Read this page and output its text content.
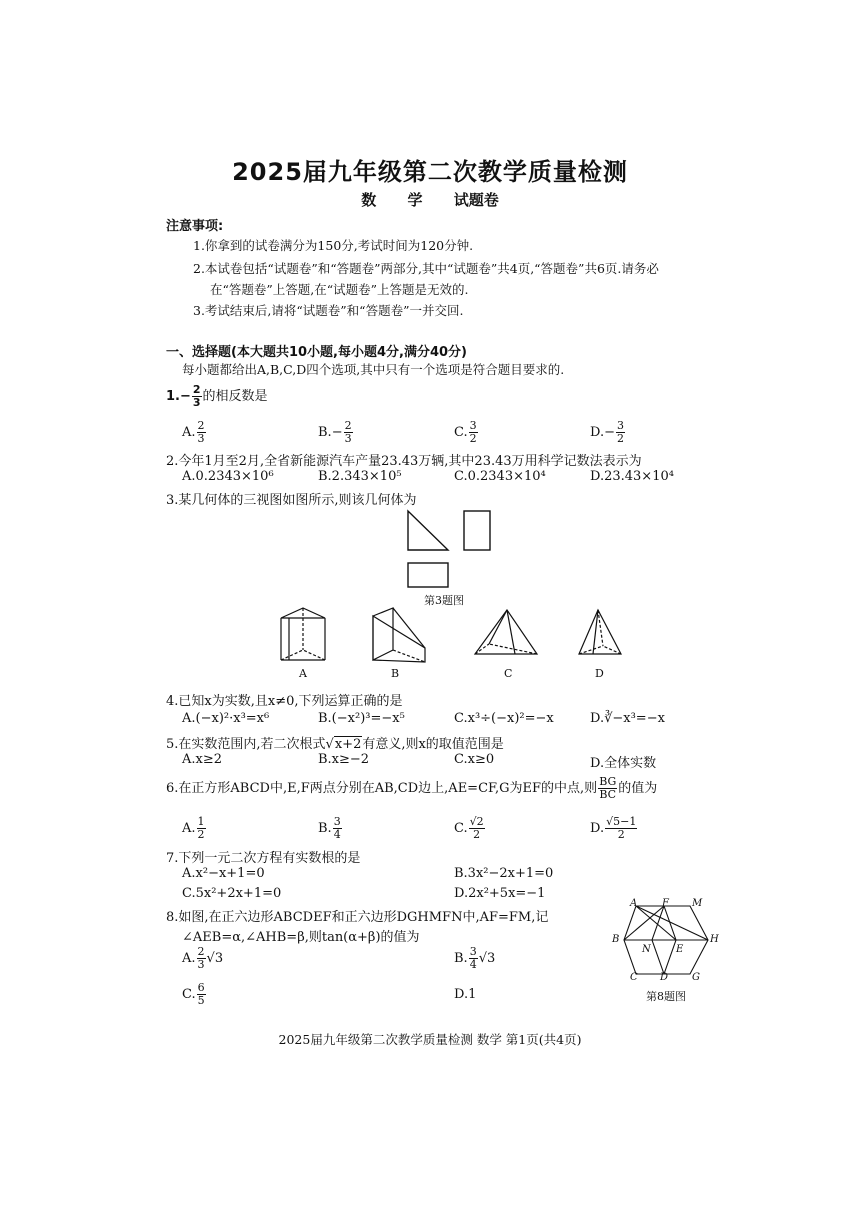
2025届九年级第二次教学质量检测
数 学 试题卷
注意事项:
1.你拿到的试卷满分为150分,考试时间为120分钟.
2.本试卷包括“试题卷”和“答题卷”两部分,其中“试题卷”共4页,“答题卷”共6页.请务必
在“答题卷”上答题,在“试题卷”上答题是无效的.
3.考试结束后,请将“试题卷”和“答题卷”一并交回.
一、选择题(本大题共10小题,每小题4分,满分40分)
每小题都给出A,B,C,D四个选项,其中只有一个选项是符合题目要求的.
$1.- \frac{2}{3}$ 的相反数是
A. $\frac{2}{3}$	$B.- \frac{2}{3}$	C. $\frac{3}{2}$	$D.- \frac{3}{2}$
2.今年1月至2月,全省新能源汽车产量23.43万辆,其中23.43万用科学记数法表示为
A.0.2343×10⁶	B.2.343×10⁵	C.0.2343×10⁴	D.23.43×10⁴
3.某几何体的三视图如图所示,则该几何体为
第3题图
A	B	C	D
4.已知x为实数,且x≠0,下列运算正确的是
A.(−x)²·x³=x⁶	B.(−x²)³=−x⁵	C.x³÷(−x)²=−x	D.∛−x³=−x
5.在实数范围内,若二次根式√x+2有意义,则x的取值范围是
A.x≥2	B.x≥−2	C.x≥0	D.全体实数
6.在正方形ABCD中,E,F两点分别在AB,CD边上,AE=CF,G为EF的中点,则 $\frac{BG}{BC}$ 的值为
A. $\frac{1}{2}$	B. $\frac{3}{4}$	C. $\frac{√2}{2}$	D. $\frac{√5-1}{2}$
7.下列一元二次方程有实数根的是
A.x²−x+1=0	B.3x²−2x+1=0
C.5x²+2x+1=0	D.2x²+5x=−1
8.如图,在正六边形ABCDEF和正六边形DGHMFN中,AF=FM,记
∠AEB=α,∠AHB=β,则tan(α+β)的值为
A. $\frac{2}{3} √3$	B. $\frac{3}{4} √3$
C. $\frac{6}{5}$	D.1
A F M
B
N	E
H
C D G
第8题图
2025届九年级第二次教学质量检测 数学 第1页(共4页)
